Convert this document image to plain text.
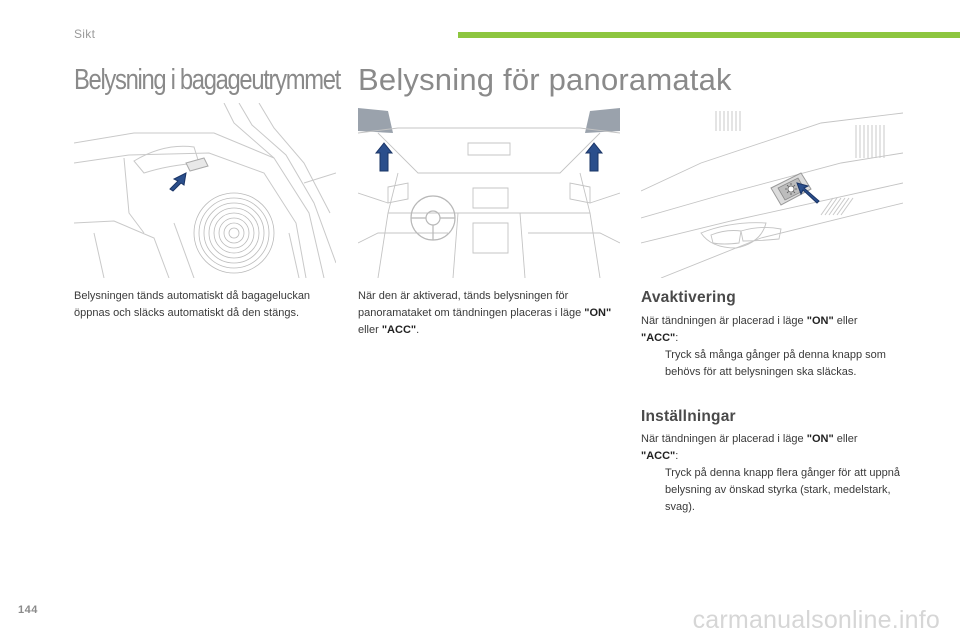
Sikt
Belysning i bagageutrymmet Belysning för panoramatak
Belysningen tänds automatiskt då bagageluckan öppnas och släcks automatiskt då den stängs.
När den är aktiverad, tänds belysningen för panoramataket om tändningen placeras i läge "ON" eller "ACC".
Avaktivering
När tändningen är placerad i läge "ON" eller
"ACC":
Tryck så många gånger på denna knapp som behövs för att belysningen ska släckas.
Inställningar
När tändningen är placerad i läge "ON" eller
"ACC":
Tryck på denna knapp flera gånger för att uppnå belysning av önskad styrka (stark, medelstark, svag).
144	carmanualsonline.info
